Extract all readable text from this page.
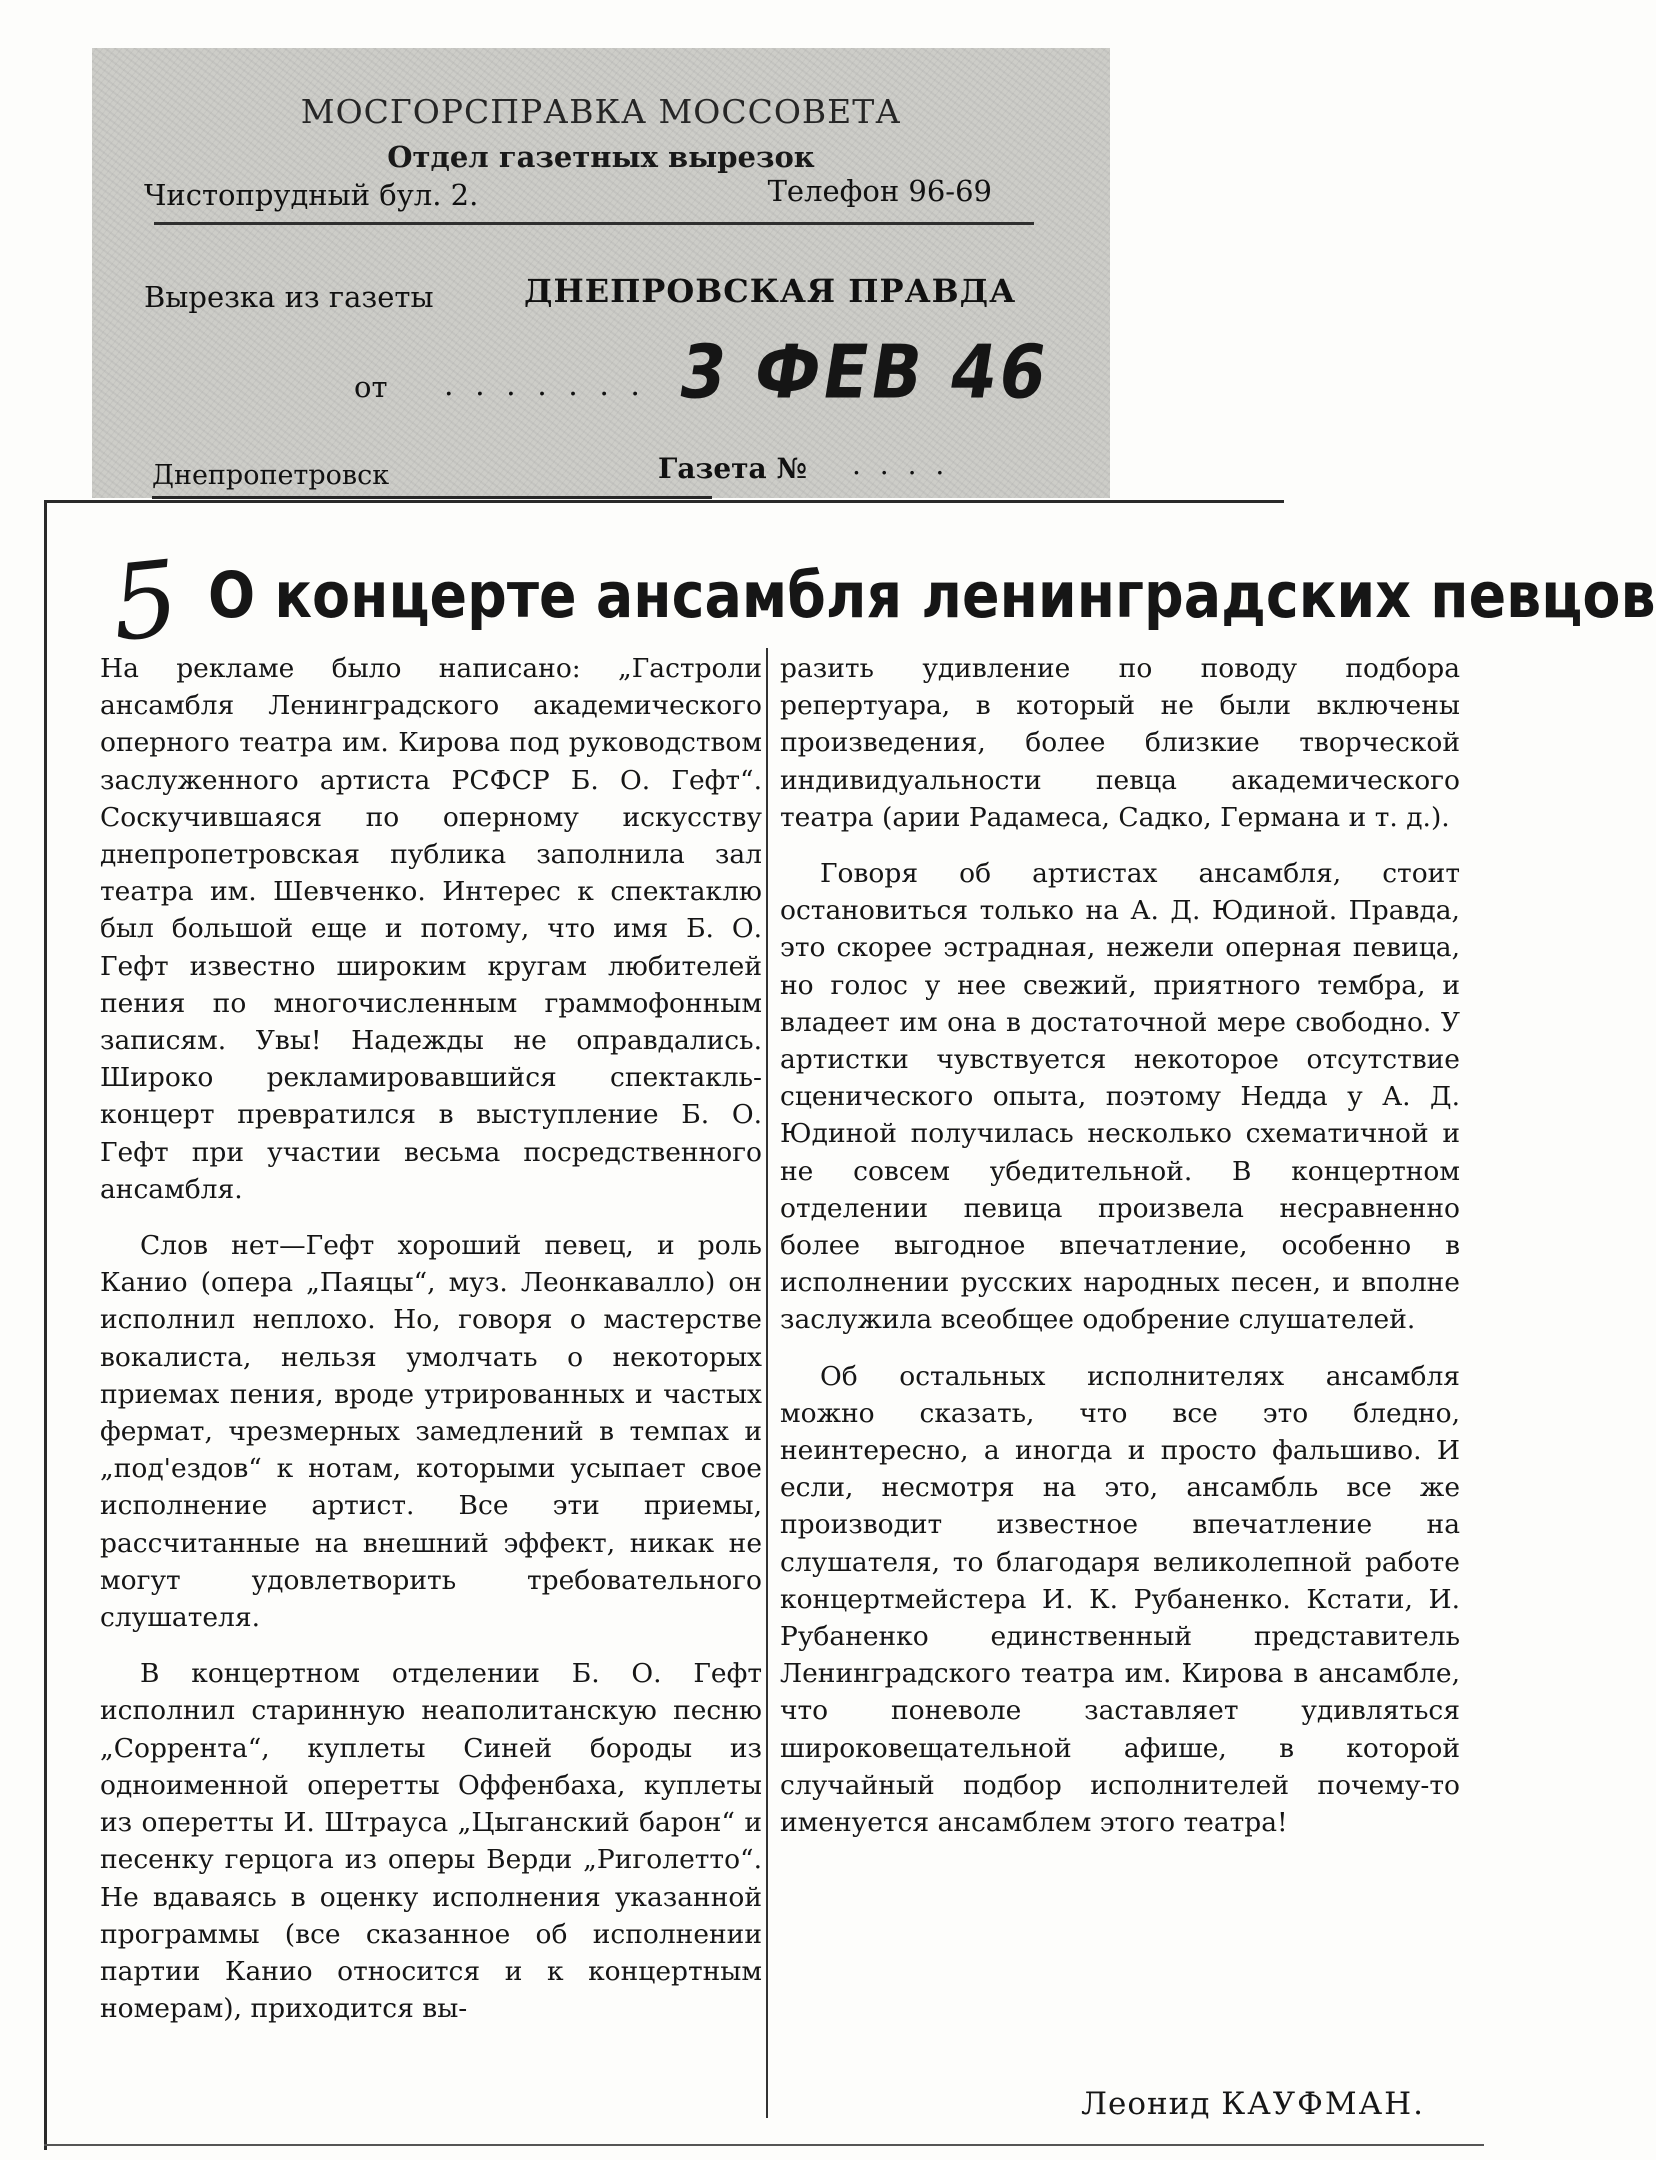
МОСГОРСПРАВКА МОССОВЕТА
Отдел газетных вырезок
Чистопрудный бул. 2.	Телефон 96-69
Вырезка из газеты	ДНЕПРОВСКАЯ ПРАВДА
от . . . . . . . 3 ФЕВ 46
Днепропетровск	Газета № . . . .
5 О концерте ансамбля ленинградских певцов

На рекламе было написано: „Гастроли ансамбля Ленинградского академического оперного театра им. Кирова под руководством заслуженного артиста РСФСР Б. О. Гефт“. Соскучившаяся по оперному искусству днепропетровская публика заполнила зал театра им. Шевченко. Интерес к спектаклю был большой еще и потому, что имя Б. О. Гефт известно широким кругам любителей пения по многочисленным граммофонным записям. Увы! Надежды не оправдались. Широко рекламировавшийся спектакль-концерт превратился в выступление Б. О. Гефт при участии весьма посредственного ансамбля.

Слов нет—Гефт хороший певец, и роль Канио (опера „Паяцы“, муз. Леонкавалло) он исполнил неплохо. Но, говоря о мастерстве вокалиста, нельзя умолчать о некоторых приемах пения, вроде утрированных и частых фермат, чрезмерных замедлений в темпах и „под'ездов“ к нотам, которыми усыпает свое исполнение артист. Все эти приемы, рассчитанные на внешний эффект, никак не могут удовлетворить требовательного слушателя.

В концертном отделении Б. О. Гефт исполнил старинную неаполитанскую песню „Соррента“, куплеты Синей бороды из одноименной оперетты Оффенбаха, куплеты из оперетты И. Штрауса „Цыганский барон“ и песенку герцога из оперы Верди „Риголетто“. Не вдаваясь в оценку исполнения указанной программы (все сказанное об исполнении партии Канио относится и к концертным номерам), приходится вы-

разить удивление по поводу подбора репертуара, в который не были включены произведения, более близкие творческой индивидуальности певца академического театра (арии Радамеса, Садко, Германа и т. д.).

Говоря об артистах ансамбля, стоит остановиться только на А. Д. Юдиной. Правда, это скорее эстрадная, нежели оперная певица, но голос у нее свежий, приятного тембра, и владеет им она в достаточной мере свободно. У артистки чувствуется некоторое отсутствие сценического опыта, поэтому Недда у А. Д. Юдиной получилась несколько схематичной и не совсем убедительной. В концертном отделении певица произвела несравненно более выгодное впечатление, особенно в исполнении русских народных песен, и вполне заслужила всеобщее одобрение слушателей.

Об остальных исполнителях ансамбля можно сказать, что все это бледно, неинтересно, а иногда и просто фальшиво. И если, несмотря на это, ансамбль все же производит известное впечатление на слушателя, то благодаря великолепной работе концертмейстера И. К. Рубаненко. Кстати, И. Рубаненко единственный представитель Ленинградского театра им. Кирова в ансамбле, что поневоле заставляет удивляться широковещательной афише, в которой случайный подбор исполнителей почему-то именуется ансамблем этого театра!

Леонид КАУФМАН.
